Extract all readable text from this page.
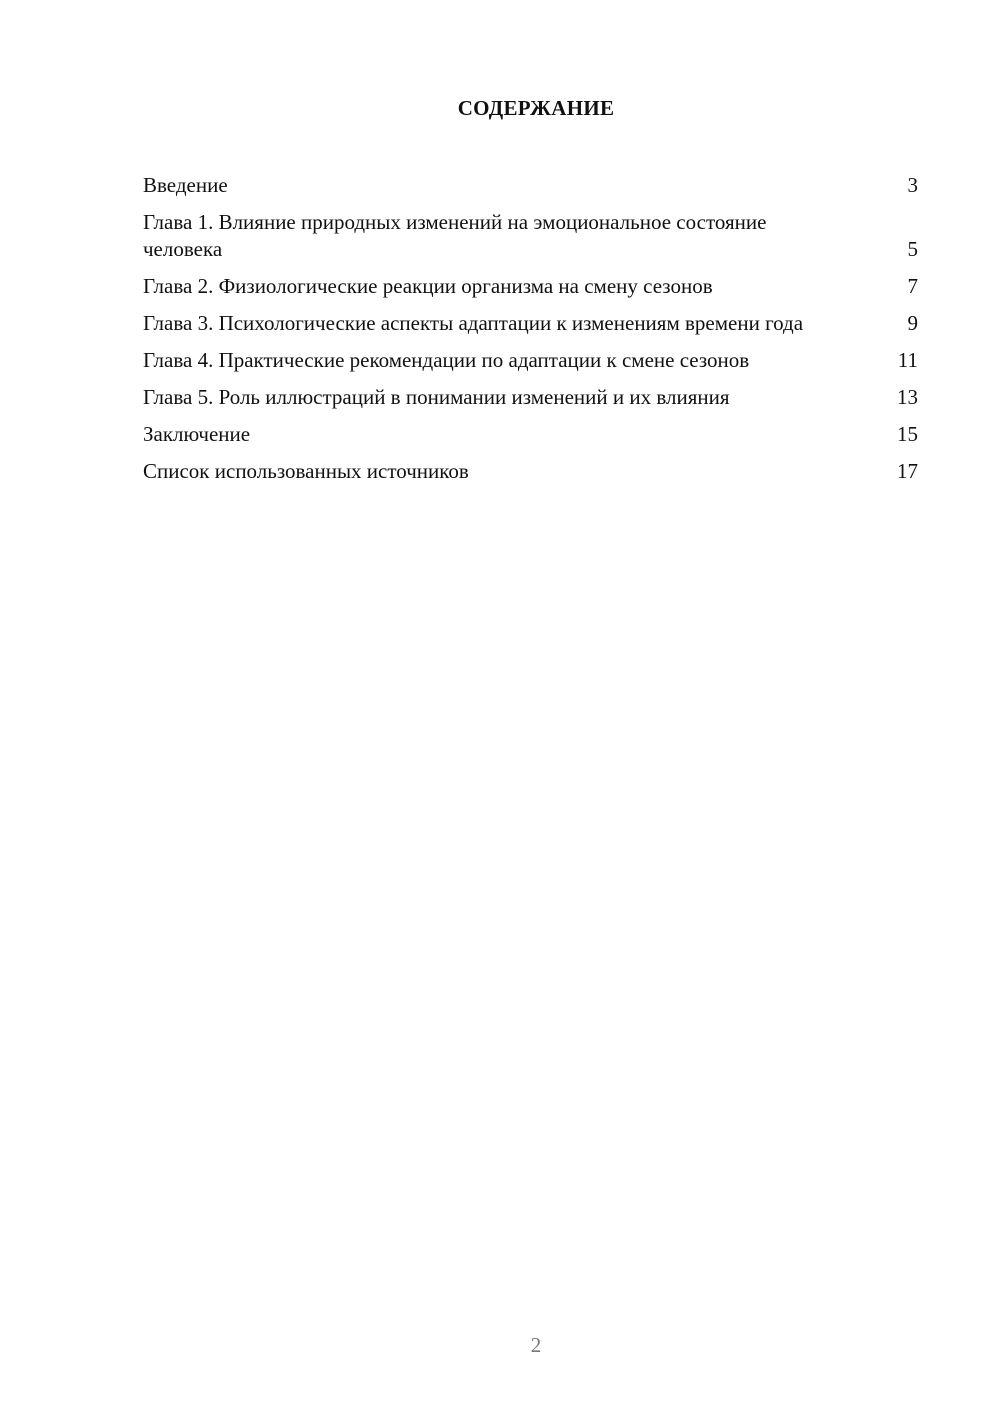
СОДЕРЖАНИЕ
Введение	3
Глава 1. Влияние природных изменений на эмоциональное состояние человека	5
Глава 2. Физиологические реакции организма на смену сезонов	7
Глава 3. Психологические аспекты адаптации к изменениям времени года	9
Глава 4. Практические рекомендации по адаптации к смене сезонов	11
Глава 5. Роль иллюстраций в понимании изменений и их влияния	13
Заключение	15
Список использованных источников	17
2
